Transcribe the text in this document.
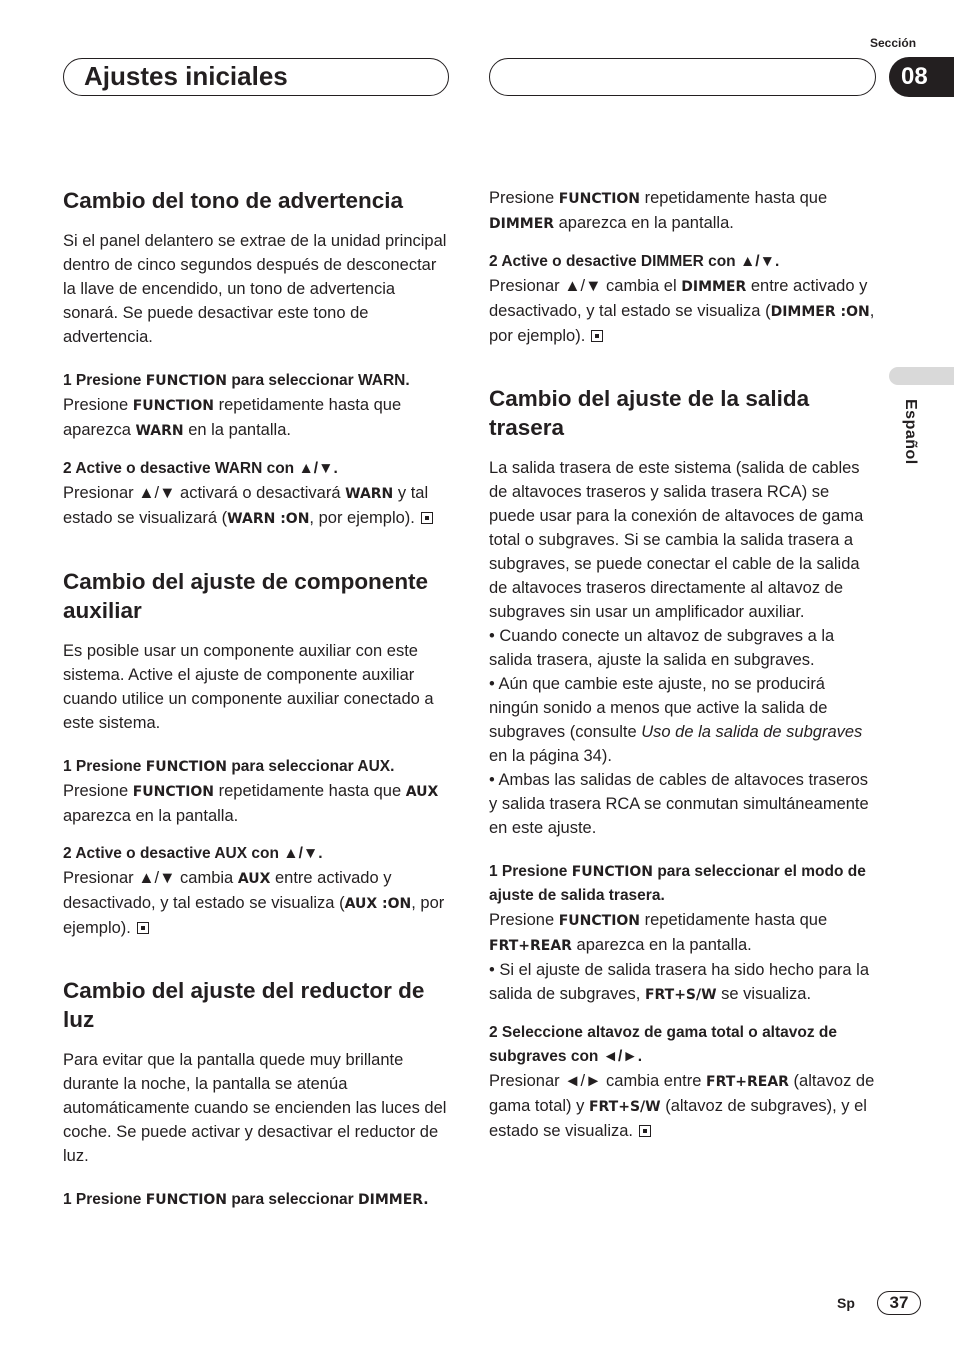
Sección
Ajustes iniciales	08
Español
Cambio del tono de advertencia

Si el panel delantero se extrae de la unidad principal dentro de cinco segundos después de desconectar la llave de encendido, un tono de advertencia sonará. Se puede desactivar este tono de advertencia.

1 Presione FUNCTION para seleccionar WARN.

Presione FUNCTION repetidamente hasta que aparezca WARN en la pantalla.

2 Active o desactive WARN con ▲/▼.

Presionar ▲/▼ activará o desactivará WARN y tal estado se visualizará (WARN :ON, por ejemplo).

Cambio del ajuste de componente auxiliar

Es posible usar un componente auxiliar con este sistema. Active el ajuste de componente auxiliar cuando utilice un componente auxiliar conectado a este sistema.

1 Presione FUNCTION para seleccionar AUX.

Presione FUNCTION repetidamente hasta que AUX aparezca en la pantalla.

2 Active o desactive AUX con ▲/▼.

Presionar ▲/▼ cambia AUX entre activado y desactivado, y tal estado se visualiza (AUX :ON, por ejemplo).

Cambio del ajuste del reductor de luz

Para evitar que la pantalla quede muy brillante durante la noche, la pantalla se atenúa automáticamente cuando se encienden las luces del coche. Se puede activar y desactivar el reductor de luz.

1 Presione FUNCTION para seleccionar DIMMER.

Presione FUNCTION repetidamente hasta que DIMMER aparezca en la pantalla.

2 Active o desactive DIMMER con ▲/▼.

Presionar ▲/▼ cambia el DIMMER entre activado y desactivado, y tal estado se visualiza (DIMMER :ON, por ejemplo).

Cambio del ajuste de la salida trasera

La salida trasera de este sistema (salida de cables de altavoces traseros y salida trasera RCA) se puede usar para la conexión de altavoces de gama total o subgraves. Si se cambia la salida trasera a subgraves, se puede conectar el cable de la salida de altavoces traseros directamente al altavoz de subgraves sin usar un amplificador auxiliar.

• Cuando conecte un altavoz de subgraves a la salida trasera, ajuste la salida en subgraves.

• Aún que cambie este ajuste, no se producirá ningún sonido a menos que active la salida de subgraves (consulte Uso de la salida de subgraves en la página 34).

• Ambas las salidas de cables de altavoces traseros y salida trasera RCA se conmutan simultáneamente en este ajuste.

1 Presione FUNCTION para seleccionar el modo de ajuste de salida trasera.

Presione FUNCTION repetidamente hasta que FRT+REAR aparezca en la pantalla.

• Si el ajuste de salida trasera ha sido hecho para la salida de subgraves, FRT+S/W se visualiza.

2 Seleccione altavoz de gama total o altavoz de subgraves con ◄/►.

Presionar ◄/► cambia entre FRT+REAR (altavoz de gama total) y FRT+S/W (altavoz de subgraves), y el estado se visualiza.

Sp	37
